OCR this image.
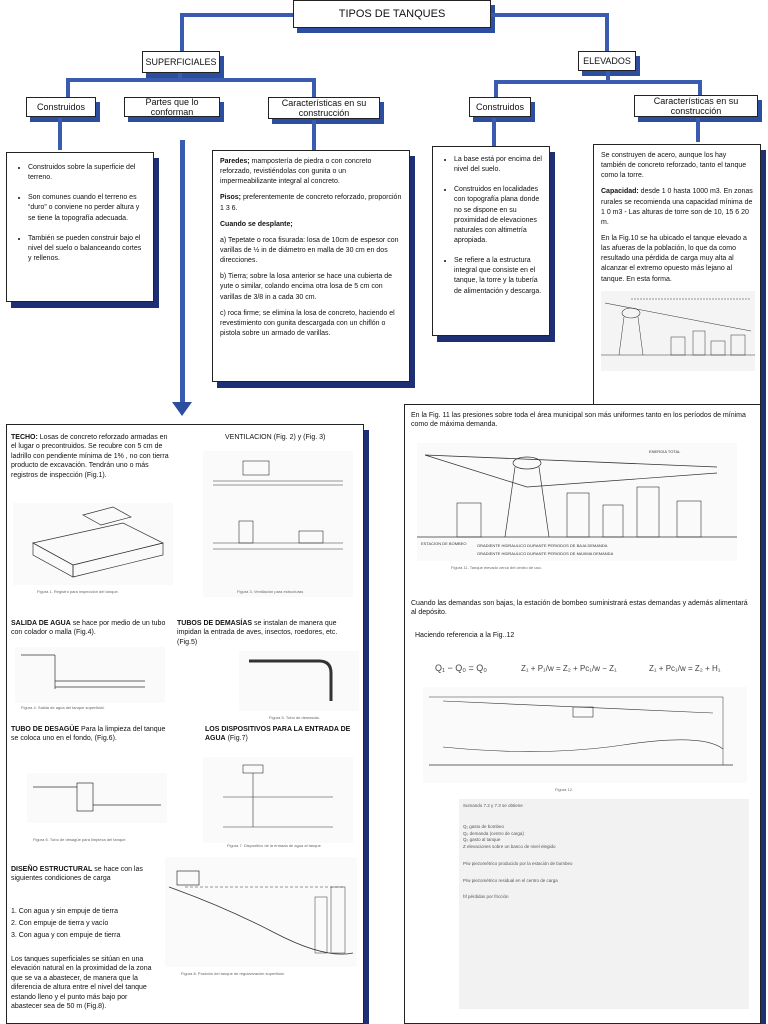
TIPOS DE TANQUES
SUPERFICIALES	ELEVADOS
Construidos	Partes que lo conforman
Características en su construcción
Construidos
Características en su construcción
• Construidos sobre la superficie del terreno.
• Son comunes cuando el terreno es “duro” o conviene no perder altura y se tiene la topografía adecuada.
• También se pueden construir bajo el nivel del suelo o balanceando cortes y rellenos.

Paredes; mampostería de piedra o con concreto reforzado, revistiéndolas con gunita o un impermeabilizante integral al concreto.

Pisos; preferentemente de concreto reforzado, proporción 1 3 6.

Cuando se desplante;

a) Tepetate o roca fisurada: losa de 10cm de espesor con varillas de ½ in de diámetro en malla de 30 cm en dos direcciones.

b) Tierra; sobre la losa anterior se hace una cubierta de yute o similar, colando encima otra losa de 5 cm con varillas de 3/8 in a cada 30 cm.

c) roca firme; se elimina la losa de concreto, haciendo el revestimiento con gunita descargada con un chiflón o pistola sobre un armado de varillas.

• La base está por encima del nivel del suelo.
• Construidos en localidades con topografía plana donde no se dispone en su proximidad de elevaciones naturales con altimetría apropiada.
• Se refiere a la estructura integral que consiste en el tanque, la torre y la tubería de alimentación y descarga.

Se construyen de acero, aunque los hay también de concreto reforzado, tanto el tanque como la torre.

Capacidad: desde 1 0 hasta 1000 m3. En zonas rurales se recomienda una capacidad mínima de 1 0 m3 - Las alturas de torre son de 10, 15 6 20 m.

En la Fig.10 se ha ubicado el tanque elevado a las afueras de la población, lo que da como resultado una pérdida de carga muy alta al alcanzar el extremo opuesto más lejano al tanque. En esta forma.

TECHO: Losas de concreto reforzado armadas en el lugar o precontruidos. Se recubre con 5 cm de ladrillo con pendiente mínima de 1% , no con tierra producto de excavación. Tendrán uno o más registros de inspección (Fig.1).
VENTILACION (Fig. 2) y (Fig. 3)
Figura 1. Registro para inspección del tanque.	Figura 3. Ventilación para estructuras
SALIDA DE AGUA se hace por medio de un tubo con colador o malla (Fig.4).
TUBOS DE DEMASÍAS se instalan de manera que impidan la entrada de aves, insectos, roedores, etc. (Fig.5)
Figura 4. Salida de agua del tanque superficial.
Figura 5. Tubo de demasías.
TUBO DE DESAGÜE Para la limpieza del tanque se coloca uno en el fondo, (Fig.6).
LOS DISPOSITIVOS PARA LA ENTRADA DE AGUA (Fig.7)
Figura 6. Tubo de desagüe para limpieza del tanque.
Figura 7. Dispositivo de la entrada de agua al tanque
DISEÑO ESTRUCTURAL se hace con las siguientes condiciones de carga
1. Con agua y sin empuje de tierra
2. Con empuje de tierra y vacío
3. Con agua y con empuje de tierra
Los tanques superficiales se sitúan en una elevación natural en la proximidad de la zona que se va a abastecer, de manera que la diferencia de altura entre el nivel del tanque estando lleno y el punto más bajo por abastecer sea de 50 m (Fig.8).
Figura 8. Posición del tanque de regularización superficial.
En la Fig. 11 las presiones sobre toda el área municipal son más uniformes tanto en los períodos de mínima como de máxima demanda.
ENERGIA TOTAL
ESTACION DE BOMBEO	GRADIENTE HIDRAULICO DURANTE PERIODOS DE BAJA DEMANDA
GRADIENTE HIDRAULICO DURANTE PERIODOS DE MAXIMA DEMANDA
Figura 11. Tanque elevado cerca del centro de uso.
Cuando las demandas son bajas, la estación de bombeo suministrará estas demandas y además alimentará al depósito.
Haciendo referencia a la Fig..12
Q₁ − Q₀ = Q₀	Z₁ + P₁/w = Z₂ + Pc₁/w − Z₁	Z₁ + Pc₁/w = Z₂ + H₁
Figura 12.
Sumando 7.2 y 7.3 se obtiene
Q₁ gasto de bombeo
Q₀ demanda (centro de carga)
Q₀ gasto al tanque
Z elevaciones sobre un banco de nivel elegido
P/w piezométrico producido por la estación de bombeo
P/w piezométrico residual en el centro de carga
hf pérdidas por fricción
